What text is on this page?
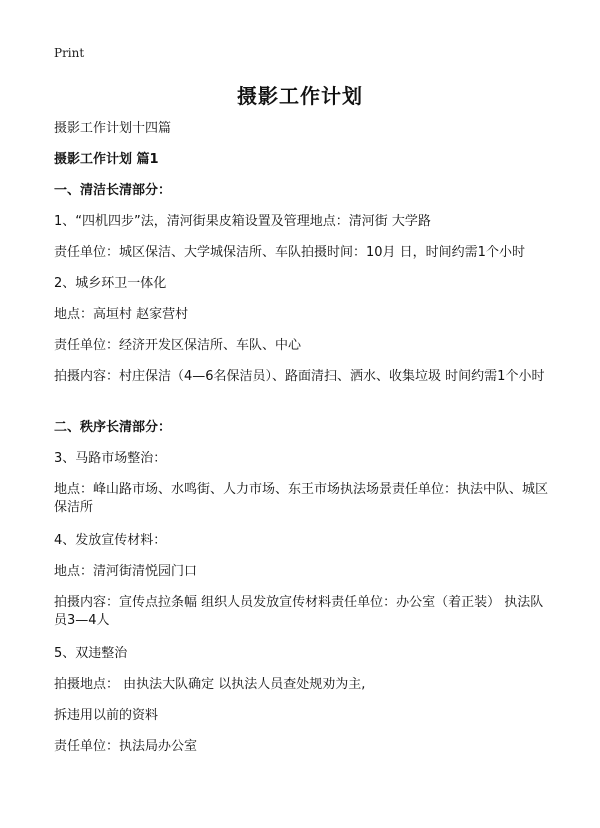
Print
摄影工作计划
摄影工作计划十四篇
摄影工作计划 篇1
一、清洁长清部分：
1、“四机四步”法，清河街果皮箱设置及管理地点：清河街 大学路
责任单位：城区保洁、大学城保洁所、车队拍摄时间：10月 日，时间约需1个小时
2、城乡环卫一体化
地点：高垣村 赵家营村
责任单位：经济开发区保洁所、车队、中心
拍摄内容：村庄保洁（4—6名保洁员）、路面清扫、洒水、收集垃圾 时间约需1个小时
二、秩序长清部分：
3、马路市场整治：
地点：峰山路市场、水鸣街、人力市场、东王市场执法场景责任单位：执法中队、城区保洁所
4、发放宣传材料：
地点：清河街清悦园门口
拍摄内容：宣传点拉条幅 组织人员发放宣传材料责任单位：办公室（着正装） 执法队员3—4人
5、双违整治
拍摄地点： 由执法大队确定 以执法人员查处规劝为主,
拆违用以前的资料
责任单位：执法局办公室
